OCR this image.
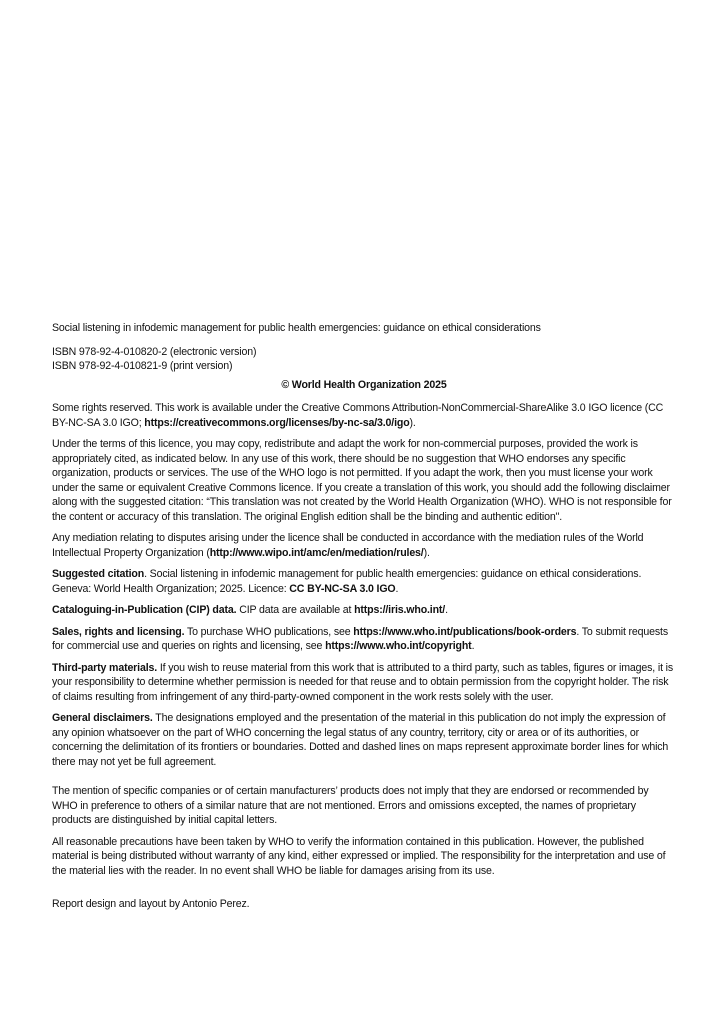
Social listening in infodemic management for public health emergencies: guidance on ethical considerations

ISBN 978-92-4-010820-2 (electronic version)
ISBN 978-92-4-010821-9 (print version)

© World Health Organization 2025

Some rights reserved. This work is available under the Creative Commons Attribution-NonCommercial-ShareAlike 3.0 IGO licence (CC BY-NC-SA 3.0 IGO; https://creativecommons.org/licenses/by-nc-sa/3.0/igo).

Under the terms of this licence, you may copy, redistribute and adapt the work for non-commercial purposes, provided the work is appropriately cited, as indicated below. In any use of this work, there should be no suggestion that WHO endorses any specific organization, products or services. The use of the WHO logo is not permitted. If you adapt the work, then you must license your work under the same or equivalent Creative Commons licence. If you create a translation of this work, you should add the following disclaimer along with the suggested citation: “This translation was not created by the World Health Organization (WHO). WHO is not responsible for the content or accuracy of this translation. The original English edition shall be the binding and authentic edition".

Any mediation relating to disputes arising under the licence shall be conducted in accordance with the mediation rules of the World Intellectual Property Organization (http://www.wipo.int/amc/en/mediation/rules/).

Suggested citation. Social listening in infodemic management for public health emergencies: guidance on ethical considerations. Geneva: World Health Organization; 2025. Licence: CC BY-NC-SA 3.0 IGO.

Cataloguing-in-Publication (CIP) data. CIP data are available at https://iris.who.int/.

Sales, rights and licensing. To purchase WHO publications, see https://www.who.int/publications/book-orders. To submit requests for commercial use and queries on rights and licensing, see https://www.who.int/copyright.

Third-party materials. If you wish to reuse material from this work that is attributed to a third party, such as tables, figures or images, it is your responsibility to determine whether permission is needed for that reuse and to obtain permission from the copyright holder. The risk of claims resulting from infringement of any third-party-owned component in the work rests solely with the user.

General disclaimers. The designations employed and the presentation of the material in this publication do not imply the expression of any opinion whatsoever on the part of WHO concerning the legal status of any country, territory, city or area or of its authorities, or concerning the delimitation of its frontiers or boundaries. Dotted and dashed lines on maps represent approximate border lines for which there may not yet be full agreement.

The mention of specific companies or of certain manufacturers’ products does not imply that they are endorsed or recommended by WHO in preference to others of a similar nature that are not mentioned. Errors and omissions excepted, the names of proprietary products are distinguished by initial capital letters.

All reasonable precautions have been taken by WHO to verify the information contained in this publication. However, the published material is being distributed without warranty of any kind, either expressed or implied. The responsibility for the interpretation and use of the material lies with the reader. In no event shall WHO be liable for damages arising from its use.

Report design and layout by Antonio Perez.
